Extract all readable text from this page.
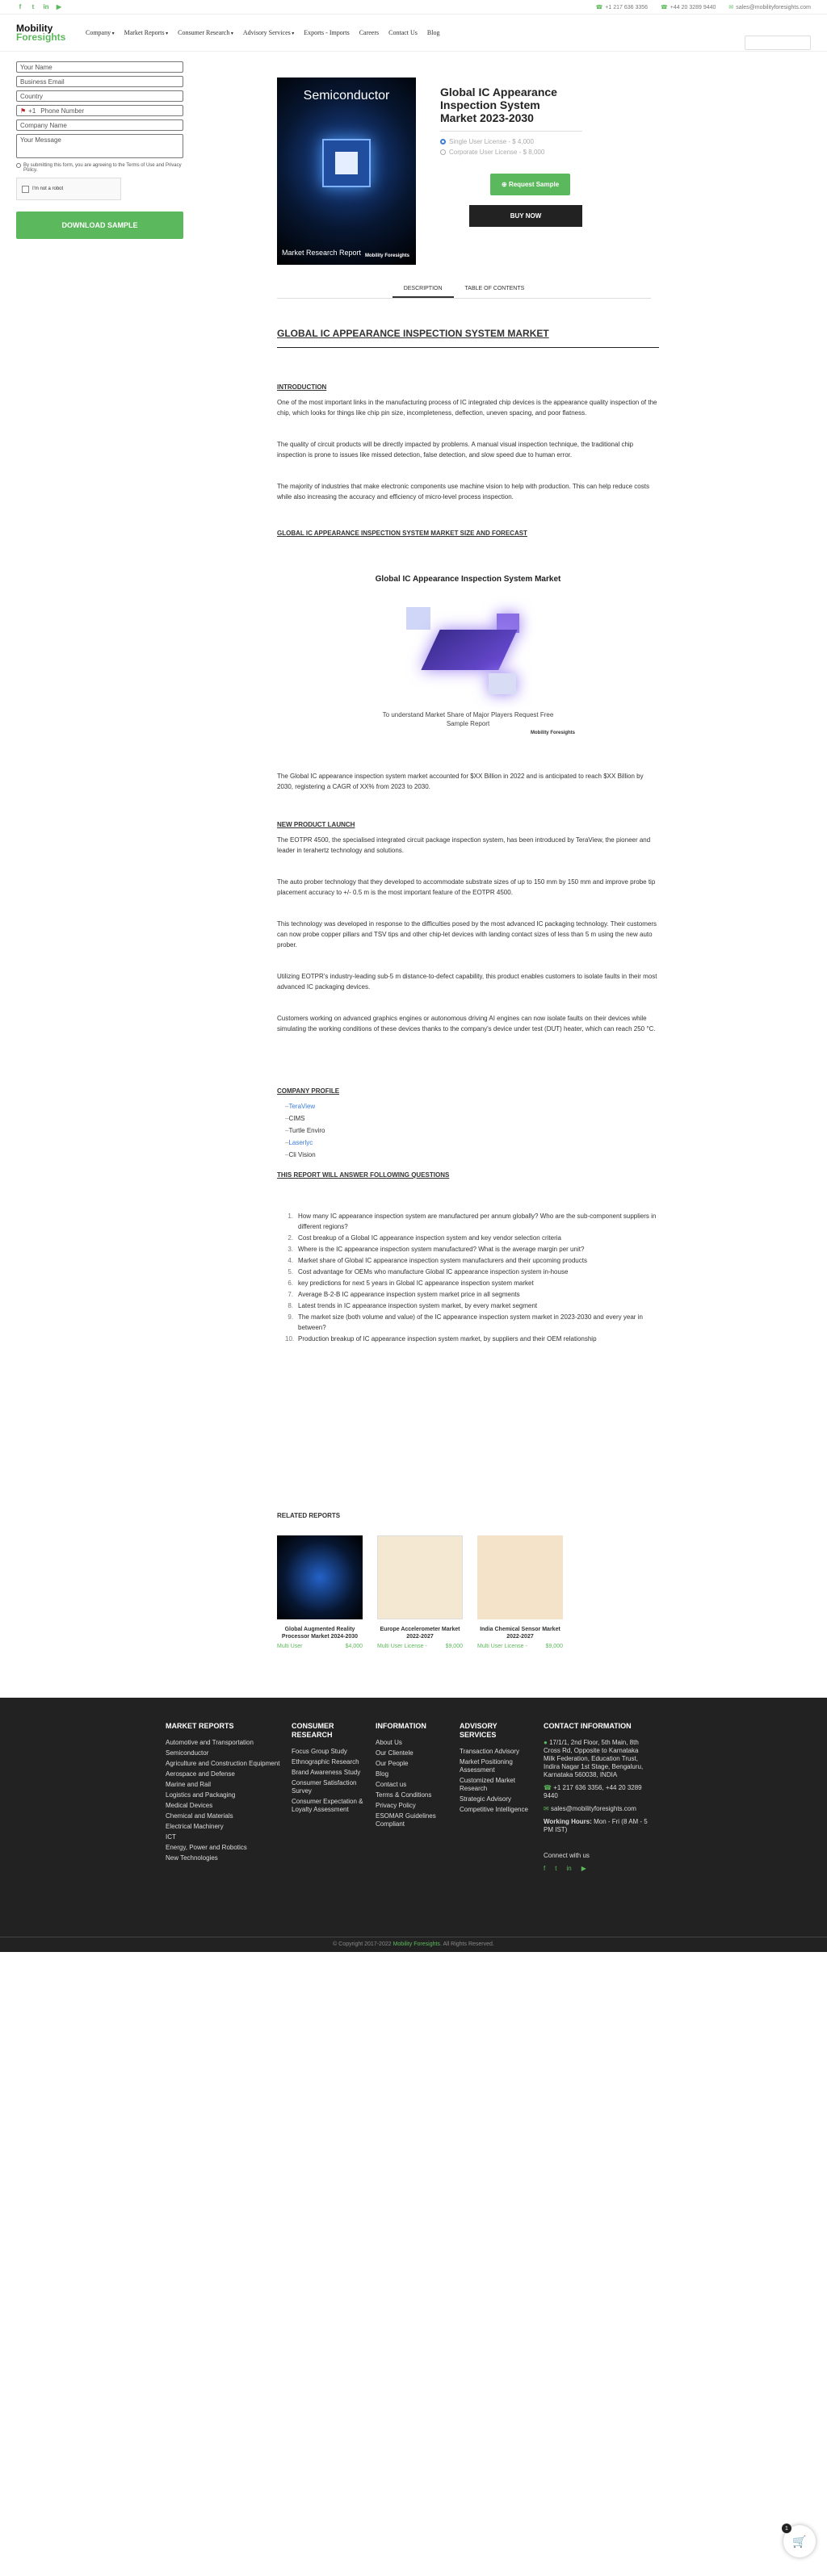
f	t	in ▶	☎ +1 217 636 3356 ☎ +44 20 3289 9440 ✉ sales@mobilityforesights.com
Mobility
Foresights	Company ▾	Market Reports ▾	Consumer Research ▾	Advisory Services ▾	Exports - Imports Careers Contact Us Blog
Your Name
Business Email
Country
⚑ +1 Phone Number
Company Name
Your Message
By submitting this form, you are agreeing to the Terms of Use and Privacy Policy.
I'm not a robot
DOWNLOAD SAMPLE
Semiconductor
Market Research Report Mobility Foresights
Global IC Appearance Inspection System Market 2023-2030
Single User License - $ 4,000
Corporate User License - $ 8,000
⊕ Request Sample
BUY NOW
DESCRIPTION	TABLE OF CONTENTS
GLOBAL IC APPEARANCE INSPECTION SYSTEM MARKET
INTRODUCTION
One of the most important links in the manufacturing process of IC integrated chip devices is the appearance quality inspection of the chip, which looks for things like chip pin size, incompleteness, deflection, uneven spacing, and poor flatness.
The quality of circuit products will be directly impacted by problems. A manual visual inspection technique, the traditional chip inspection is prone to issues like missed detection, false detection, and slow speed due to human error.
The majority of industries that make electronic components use machine vision to help with production. This can help reduce costs while also increasing the accuracy and efficiency of micro-level process inspection.
GLOBAL IC APPEARANCE INSPECTION SYSTEM MARKET SIZE AND FORECAST
Global IC Appearance Inspection System Market
To understand Market Share of Major Players Request Free Sample Report
Mobility Foresights
The Global IC appearance inspection system market accounted for $XX Billion in 2022 and is anticipated to reach $XX Billion by 2030, registering a CAGR of XX% from 2023 to 2030.
NEW PRODUCT LAUNCH
The EOTPR 4500, the specialised integrated circuit package inspection system, has been introduced by TeraView, the pioneer and leader in terahertz technology and solutions.
The auto prober technology that they developed to accommodate substrate sizes of up to 150 mm by 150 mm and improve probe tip placement accuracy to +/- 0.5 m is the most important feature of the EOTPR 4500.
This technology was developed in response to the difficulties posed by the most advanced IC packaging technology. Their customers can now probe copper pillars and TSV tips and other chip-let devices with landing contact sizes of less than 5 m using the new auto prober.
Utilizing EOTPR's industry-leading sub-5 m distance-to-defect capability, this product enables customers to isolate faults in their most advanced IC packaging devices.
Customers working on advanced graphics engines or autonomous driving AI engines can now isolate faults on their devices while simulating the working conditions of these devices thanks to the company's device under test (DUT) heater, which can reach 250 °C.
COMPANY PROFILE
– TeraView
– CIMS
– Turtle Enviro
– Laserlyc
– Cli Vision
THIS REPORT WILL ANSWER FOLLOWING QUESTIONS
1. How many IC appearance inspection system are manufactured per annum globally? Who are the sub-component suppliers in different regions?
2. Cost breakup of a Global IC appearance inspection system and key vendor selection criteria
3. Where is the IC appearance inspection system manufactured? What is the average margin per unit?
4. Market share of Global IC appearance inspection system manufacturers and their upcoming products
5. Cost advantage for OEMs who manufacture Global IC appearance inspection system in-house
6. key predictions for next 5 years in Global IC appearance inspection system market
7. Average B-2-B IC appearance inspection system market price in all segments
8. Latest trends in IC appearance inspection system market, by every market segment
9. The market size (both volume and value) of the IC appearance inspection system market in 2023-2030 and every year in between?
10. Production breakup of IC appearance inspection system market, by suppliers and their OEM relationship
RELATED REPORTS
Global Augmented Reality Processor Market 2024-2030
Multi User	$4,000
Europe Accelerometer Market 2022-2027
Multi User License -	$9,000
India Chemical Sensor Market 2022-2027
Multi User License -	$9,000
MARKET REPORTS
Automotive and Transportation
Semiconductor
Agriculture and Construction Equipment
Aerospace and Defense
Marine and Rail
Logistics and Packaging
Medical Devices
Chemical and Materials
Electrical Machinery
ICT
Energy, Power and Robotics
New Technologies
CONSUMER RESEARCH
Focus Group Study
Ethnographic Research
Brand Awareness Study
Consumer Satisfaction Survey
Consumer Expectation & Loyalty Assessment
INFORMATION
About Us
Our Clientele
Our People
Blog
Contact us
Terms & Conditions
Privacy Policy
ESOMAR Guidelines Compliant
ADVISORY SERVICES
Transaction Advisory
Market Positioning Assessment
Customized Market Research
Strategic Advisory
Competitive Intelligence
CONTACT INFORMATION
● 17/1/1, 2nd Floor, 5th Main, 8th Cross Rd, Opposite to Karnataka Milk Federation, Education Trust, Indira Nagar 1st Stage, Bengaluru, Karnataka 560038, INDIA
☎ +1 217 636 3356, +44 20 3289 9440
✉ sales@mobilityforesights.com
Working Hours: Mon - Fri (8 AM - 5 PM IST)
Connect with us
f t in ▶
© Copyright 2017-2022 Mobility Foresights. All Rights Reserved.
🛒
1
